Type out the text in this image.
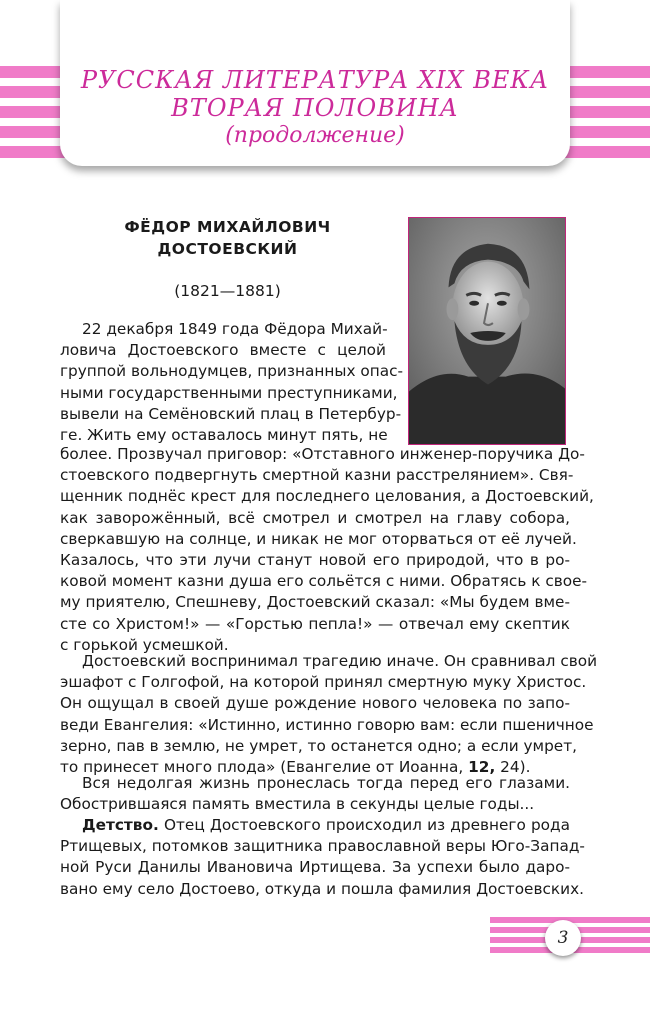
РУССКАЯ ЛИТЕРАТУРА XIX ВЕКА
ВТОРАЯ ПОЛОВИНА
(продолжение)
ФЁДОР МИХАЙЛОВИЧ
ДОСТОЕВСКИЙ
(1821—1881)
22 декабря 1849 года Фёдора Михай-
ловича Достоевского вместе с целой
группой вольнодумцев, признанных опас-
ными государственными преступниками,
вывели на Семёновский плац в Петербур-
ге. Жить ему оставалось минут пять, не
более. Прозвучал приговор: «Отставного инженер-поручика До-
стоевского подвергнуть смертной казни расстрелянием». Свя-
щенник поднёс крест для последнего целования, а Достоевский,
как заворожённый, всё смотрел и смотрел на главу собора,
сверкавшую на солнце, и никак не мог оторваться от её лучей.
Казалось, что эти лучи станут новой его природой, что в ро-
ковой момент казни душа его сольётся с ними. Обратясь к свое-
му приятелю, Спешневу, Достоевский сказал: «Мы будем вме-
сте со Христом!» — «Горстью пепла!» — отвечал ему скептик
с горькой усмешкой.
Достоевский воспринимал трагедию иначе. Он сравнивал свой
эшафот с Голгофой, на которой принял смертную муку Христос.
Он ощущал в своей душе рождение нового человека по запо-
веди Евангелия: «Истинно, истинно говорю вам: если пшеничное
зерно, пав в землю, не умрет, то останется одно; а если умрет,
то принесет много плода» (Евангелие от Иоанна, 12, 24).
Вся недолгая жизнь пронеслась тогда перед его глазами.
Обострившаяся память вместила в секунды целые годы...
Детство. Отец Достоевского происходил из древнего рода
Ртищевых, потомков защитника православной веры Юго-Запад-
ной Руси Данилы Ивановича Иртищева. За успехи было даро-
вано ему село Достоево, откуда и пошла фамилия Достоевских.
3
